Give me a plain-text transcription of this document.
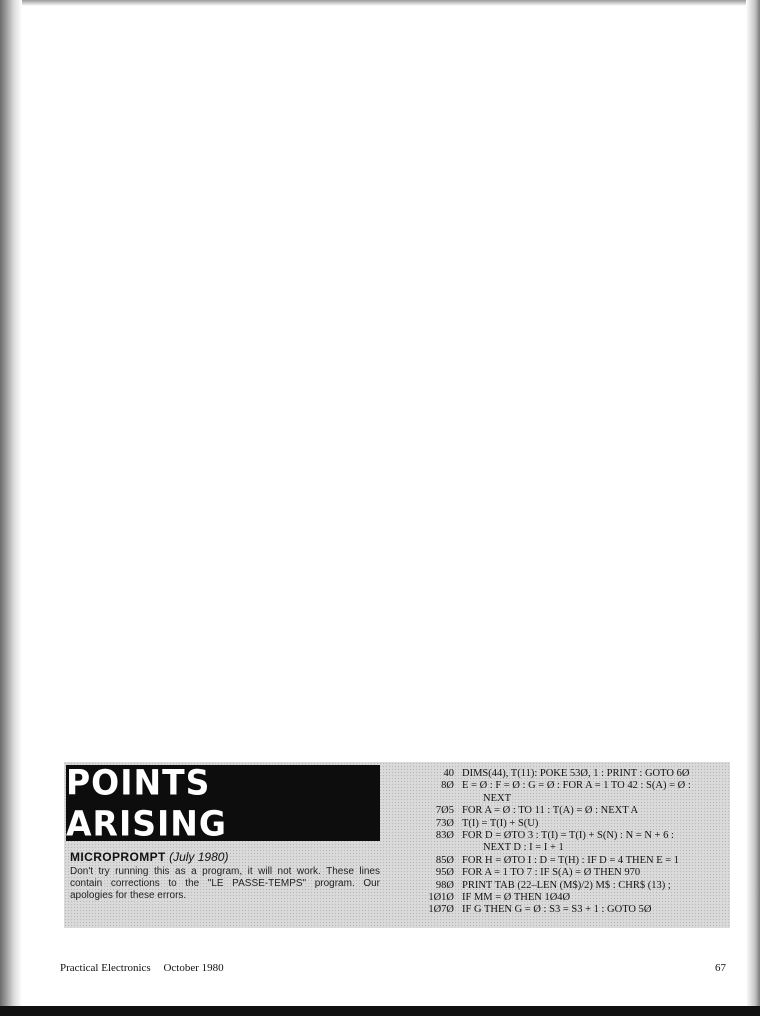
POINTS ARISING
MICROPROMPT (July 1980)
Don't try running this as a program, it will not work. These lines contain corrections to the "LE PASSE-TEMPS" program. Our apologies for these errors.
40 DIMS(44), T(11): POKE 53Ø, 1 : PRINT : GOTO 6Ø
8Ø E = Ø : F = Ø : G = Ø : FOR A = 1 TO 42 : S(A) = Ø :
NEXT
7Ø5 FOR A = Ø : TO 11 : T(A) = Ø : NEXT A
73Ø T(I) = T(I) + S(U)
83Ø FOR D = ØTO 3 : T(I) = T(I) + S(N) : N = N + 6 :
NEXT D : I = I + 1
85Ø FOR H = ØTO I : D = T(H) : IF D = 4 THEN E = 1
95Ø FOR A = 1 TO 7 : IF S(A) = Ø THEN 970
98Ø PRINT TAB (22–LEN (M$)/2) M$ : CHR$ (13) ;
1Ø1Ø IF MM = Ø THEN 1Ø4Ø
1Ø7Ø IF G THEN G = Ø : S3 = S3 + 1 : GOTO 5Ø
Practical Electronics October 1980	67
